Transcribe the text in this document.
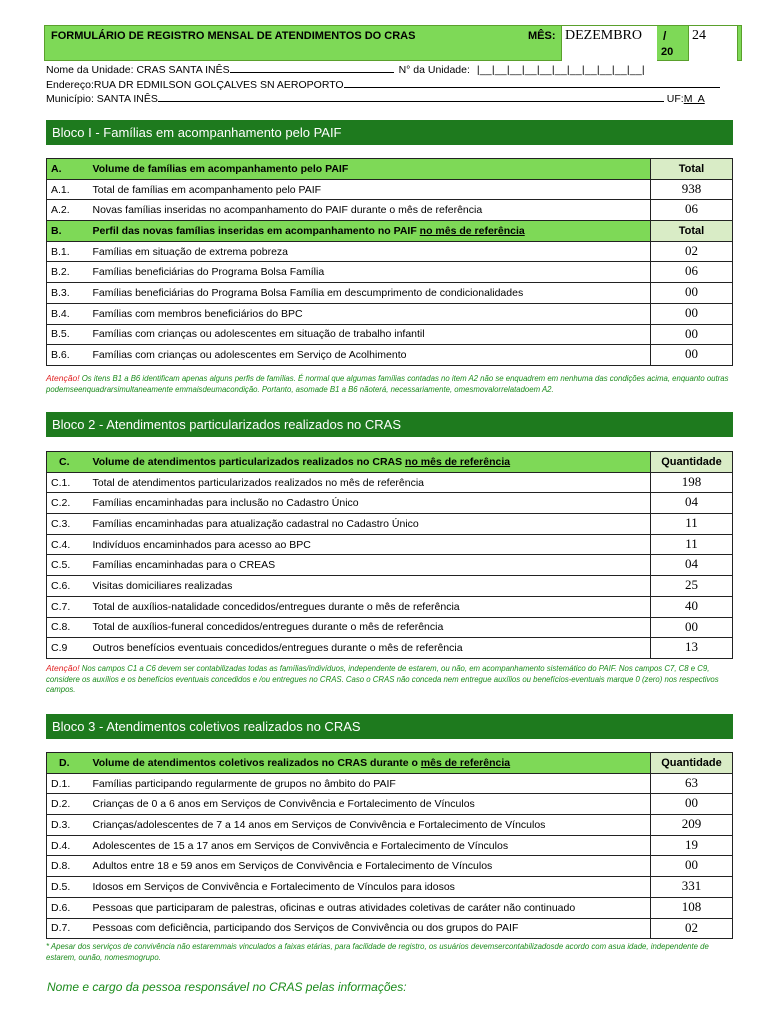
FORMULÁRIO DE REGISTRO MENSAL DE ATENDIMENTOS DO CRAS	MÊS: DEZEMBRO	/
20
24
Nome da Unidade: CRAS SANTA INÊS	N° da Unidade: |__|__|__|__|__|__|__|__|__|__|__|
Endereço:RUA DR EDMILSON GOLÇALVES SN AEROPORTO
Município: SANTA INÊS	UF:M  A
Bloco I - Famílias em acompanhamento pelo PAIF
A.	Volume de famílias em acompanhamento pelo PAIF	Total
A.1.	Total de famílias em acompanhamento pelo PAIF	938
A.2.	Novas famílias inseridas no acompanhamento do PAIF durante o mês de referência	06
B.	Perfil das novas famílias inseridas em acompanhamento no PAIF no mês de referência	Total
B.1.	Famílias em situação de extrema pobreza	02
B.2.	Famílias beneficiárias do Programa Bolsa Família	06
B.3.	Famílias beneficiárias do Programa Bolsa Família em descumprimento de condicionalidades	00
B.4.	Famílias com membros beneficiários do BPC	00
B.5.	Famílias com crianças ou adolescentes em situação de trabalho infantil	00
B.6.	Famílias com crianças ou adolescentes em Serviço de Acolhimento	00
Atenção! Os itens B1 a B6 identificam apenas alguns perfis de famílias. É normal que algumas famílias contadas no item A2 não se enquadrem em nenhuma das condições acima, enquanto outras podemseenquadrarsimultaneamente emmaisdeumacondição. Portanto, asomade B1 a B6 nãoterá, necessariamente, omesmovalorrelatadoem A2.
Bloco 2 - Atendimentos particularizados realizados no CRAS
C.	Volume de atendimentos particularizados realizados no CRAS no mês de referência	Quantidade
C.1.	Total de atendimentos particularizados realizados no mês de referência	198
C.2.	Famílias encaminhadas para inclusão no Cadastro Único	04
C.3.	Famílias encaminhadas para atualização cadastral no Cadastro Único	11
C.4.	Indivíduos encaminhados para acesso ao BPC	11
C.5.	Famílias encaminhadas para o CREAS	04
C.6.	Visitas domiciliares realizadas	25
C.7.	Total de auxílios-natalidade concedidos/entregues durante o mês de referência	40
C.8.	Total de auxílios-funeral concedidos/entregues durante o mês de referência	00
C.9	Outros benefícios eventuais concedidos/entregues durante o mês de referência	13
Atenção! Nos campos C1 a C6 devem ser contabilizadas todas as famílias/indivíduos, independente de estarem, ou não, em acompanhamento sistemático do PAIF. Nos campos C7, C8 e C9, considere os auxílios e os benefícios eventuais concedidos e /ou entregues no CRAS. Caso o CRAS não conceda nem entregue auxílios ou benefícios-eventuais marque 0 (zero) nos respectivos campos.
Bloco 3 - Atendimentos coletivos realizados no CRAS
D.	Volume de atendimentos coletivos realizados no CRAS durante o mês de referência	Quantidade
D.1.	Famílias participando regularmente de grupos no âmbito do PAIF	63
D.2.	Crianças de 0 a 6 anos em Serviços de Convivência e Fortalecimento de Vínculos	00
D.3.	Crianças/adolescentes de 7 a 14 anos em Serviços de Convivência e Fortalecimento de Vínculos	209
D.4.	Adolescentes de 15 a 17 anos em Serviços de Convivência e Fortalecimento de Vínculos	19
D.8.	Adultos entre 18 e 59 anos em Serviços de Convivência e Fortalecimento de Vínculos	00
D.5.	Idosos em Serviços de Convivência e Fortalecimento de Vínculos para idosos	331
D.6.	Pessoas que participaram de palestras, oficinas e outras atividades coletivas de caráter não continuado	108
D.7.	Pessoas com deficiência, participando dos Serviços de Convivência ou dos grupos do PAIF	02
* Apesar dos serviços de convivência não estaremmais vinculados a faixas etárias, para facilidade de registro, os usuários devemsercontabilizadosde acordo com asua idade, independente de estarem, ounão, nomesmogrupo.
Nome e cargo da pessoa responsável no CRAS pelas informações:
